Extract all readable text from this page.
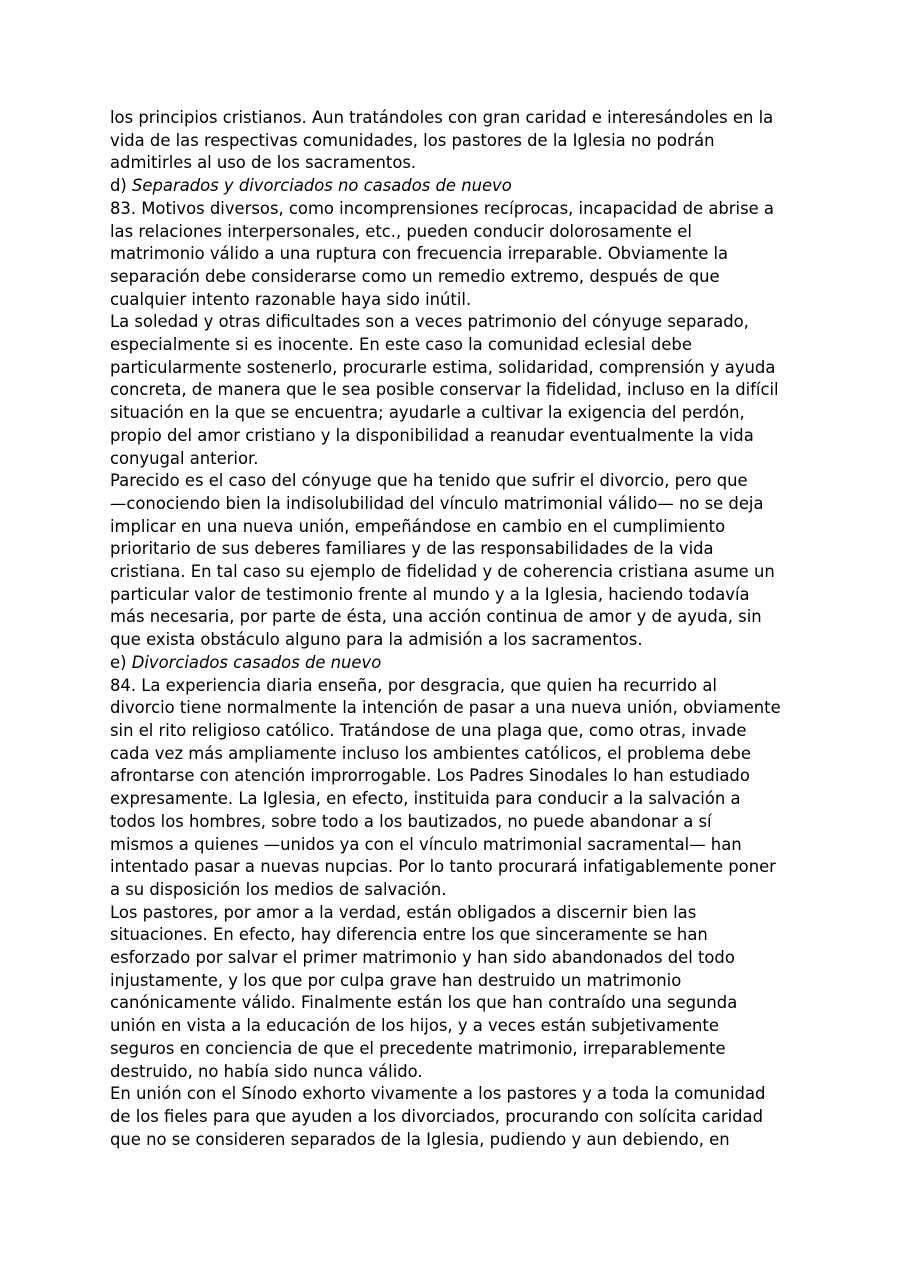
los principios cristianos. Aun tratándoles con gran caridad e interesándoles en la
vida de las respectivas comunidades, los pastores de la Iglesia no podrán
admitirles al uso de los sacramentos.
d) Separados y divorciados no casados de nuevo
83. Motivos diversos, como incomprensiones recíprocas, incapacidad de abrise a
las relaciones interpersonales, etc., pueden conducir dolorosamente el
matrimonio válido a una ruptura con frecuencia irreparable. Obviamente la
separación debe considerarse como un remedio extremo, después de que
cualquier intento razonable haya sido inútil.
La soledad y otras dificultades son a veces patrimonio del cónyuge separado,
especialmente si es inocente. En este caso la comunidad eclesial debe
particularmente sostenerlo, procurarle estima, solidaridad, comprensión y ayuda
concreta, de manera que le sea posible conservar la fidelidad, incluso en la difícil
situación en la que se encuentra; ayudarle a cultivar la exigencia del perdón,
propio del amor cristiano y la disponibilidad a reanudar eventualmente la vida
conyugal anterior.
Parecido es el caso del cónyuge que ha tenido que sufrir el divorcio, pero que
—conociendo bien la indisolubilidad del vínculo matrimonial válido— no se deja
implicar en una nueva unión, empeñándose en cambio en el cumplimiento
prioritario de sus deberes familiares y de las responsabilidades de la vida
cristiana. En tal caso su ejemplo de fidelidad y de coherencia cristiana asume un
particular valor de testimonio frente al mundo y a la Iglesia, haciendo todavía
más necesaria, por parte de ésta, una acción continua de amor y de ayuda, sin
que exista obstáculo alguno para la admisión a los sacramentos.
e) Divorciados casados de nuevo
84. La experiencia diaria enseña, por desgracia, que quien ha recurrido al
divorcio tiene normalmente la intención de pasar a una nueva unión, obviamente
sin el rito religioso católico. Tratándose de una plaga que, como otras, invade
cada vez más ampliamente incluso los ambientes católicos, el problema debe
afrontarse con atención improrrogable. Los Padres Sinodales lo han estudiado
expresamente. La Iglesia, en efecto, instituida para conducir a la salvación a
todos los hombres, sobre todo a los bautizados, no puede abandonar a sí
mismos a quienes —unidos ya con el vínculo matrimonial sacramental— han
intentado pasar a nuevas nupcias. Por lo tanto procurará infatigablemente poner
a su disposición los medios de salvación.
Los pastores, por amor a la verdad, están obligados a discernir bien las
situaciones. En efecto, hay diferencia entre los que sinceramente se han
esforzado por salvar el primer matrimonio y han sido abandonados del todo
injustamente, y los que por culpa grave han destruido un matrimonio
canónicamente válido. Finalmente están los que han contraído una segunda
unión en vista a la educación de los hijos, y a veces están subjetivamente
seguros en conciencia de que el precedente matrimonio, irreparablemente
destruido, no había sido nunca válido.
En unión con el Sínodo exhorto vivamente a los pastores y a toda la comunidad
de los fieles para que ayuden a los divorciados, procurando con solícita caridad
que no se consideren separados de la Iglesia, pudiendo y aun debiendo, en
